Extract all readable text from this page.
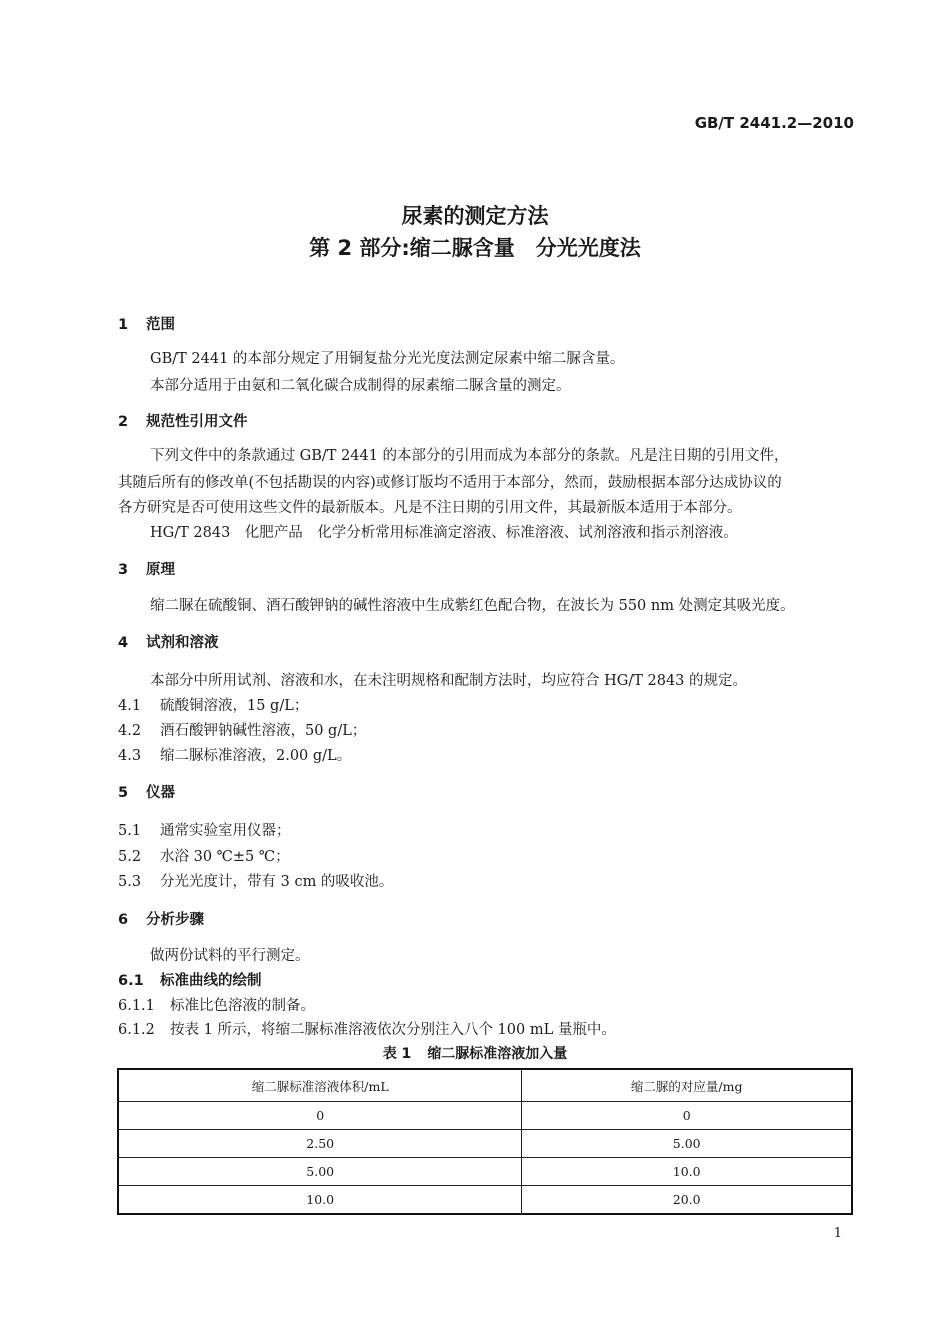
GB/T 2441.2—2010
尿素的测定方法
第 2 部分:缩二脲含量　分光光度法
1 范围
GB/T 2441 的本部分规定了用铜复盐分光光度法测定尿素中缩二脲含量。
本部分适用于由氨和二氧化碳合成制得的尿素缩二脲含量的测定。
2 规范性引用文件
下列文件中的条款通过 GB/T 2441 的本部分的引用而成为本部分的条款。凡是注日期的引用文件，
其随后所有的修改单(不包括勘误的内容)或修订版均不适用于本部分，然而，鼓励根据本部分达成协议的
各方研究是否可使用这些文件的最新版本。凡是不注日期的引用文件，其最新版本适用于本部分。
HG/T 2843　化肥产品　化学分析常用标准滴定溶液、标准溶液、试剂溶液和指示剂溶液。
3 原理
缩二脲在硫酸铜、酒石酸钾钠的碱性溶液中生成紫红色配合物，在波长为 550 nm 处测定其吸光度。
4 试剂和溶液
本部分中所用试剂、溶液和水，在未注明规格和配制方法时，均应符合 HG/T 2843 的规定。
4.1 硫酸铜溶液，15 g/L；
4.2 酒石酸钾钠碱性溶液，50 g/L；
4.3 缩二脲标准溶液，2.00 g/L。
5 仪器
5.1 通常实验室用仪器；
5.2 水浴 30 ℃±5 ℃；
5.3 分光光度计，带有 3 cm 的吸收池。
6 分析步骤
做两份试料的平行测定。
6.1 标准曲线的绘制
6.1.1 标准比色溶液的制备。
6.1.2 按表 1 所示，将缩二脲标准溶液依次分别注入八个 100 mL 量瓶中。
表 1 缩二脲标准溶液加入量
缩二脲标准溶液体积/mL	缩二脲的对应量/mg
0	0
2.50	5.00
5.00	10.0
10.0	20.0
1
